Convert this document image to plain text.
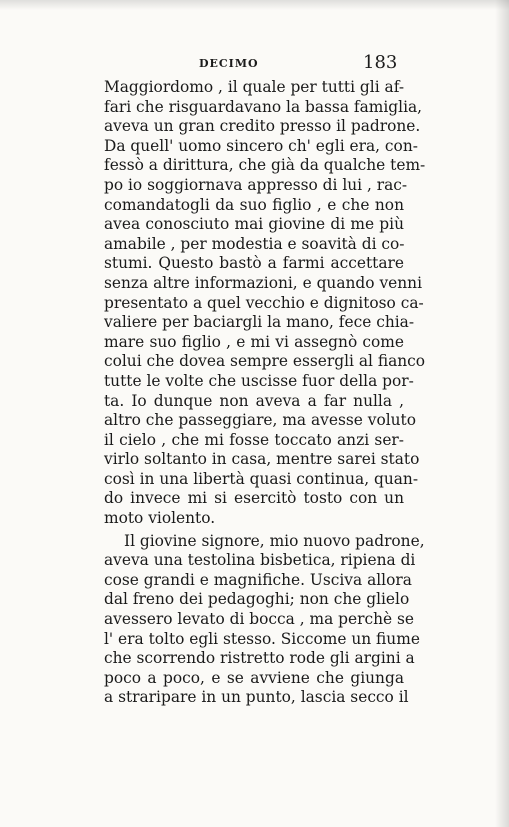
DECIMO	183
Maggiordomo , il quale per tutti gli af-
fari che risguardavano la bassa famiglia,
aveva un gran credito presso il padrone.
Da quell' uomo sincero ch' egli era, con-
fessò a dirittura, che già da qualche tem-
po io soggiornava appresso di lui , rac-
comandatogli da suo figlio , e che non
avea conosciuto mai giovine di me più
amabile , per modestia e soavità di co-
stumi. Questo bastò a farmi accettare
senza altre informazioni, e quando venni
presentato a quel vecchio e dignitoso ca-
valiere per baciargli la mano, fece chia-
mare suo figlio , e mi vi assegnò come
colui che dovea sempre essergli al fianco
tutte le volte che uscisse fuor della por-
ta. Io dunque non aveva a far nulla ,
altro che passeggiare, ma avesse voluto
il cielo , che mi fosse toccato anzi ser-
virlo soltanto in casa, mentre sarei stato
così in una libertà quasi continua, quan-
do invece mi si esercitò tosto con un
moto violento.
Il giovine signore, mio nuovo padrone,
aveva una testolina bisbetica, ripiena di
cose grandi e magnifiche. Usciva allora
dal freno dei pedagoghi; non che glielo
avessero levato di bocca , ma perchè se
l' era tolto egli stesso. Siccome un fiume
che scorrendo ristretto rode gli argini a
poco a poco, e se avviene che giunga
a straripare in un punto, lascia secco il
